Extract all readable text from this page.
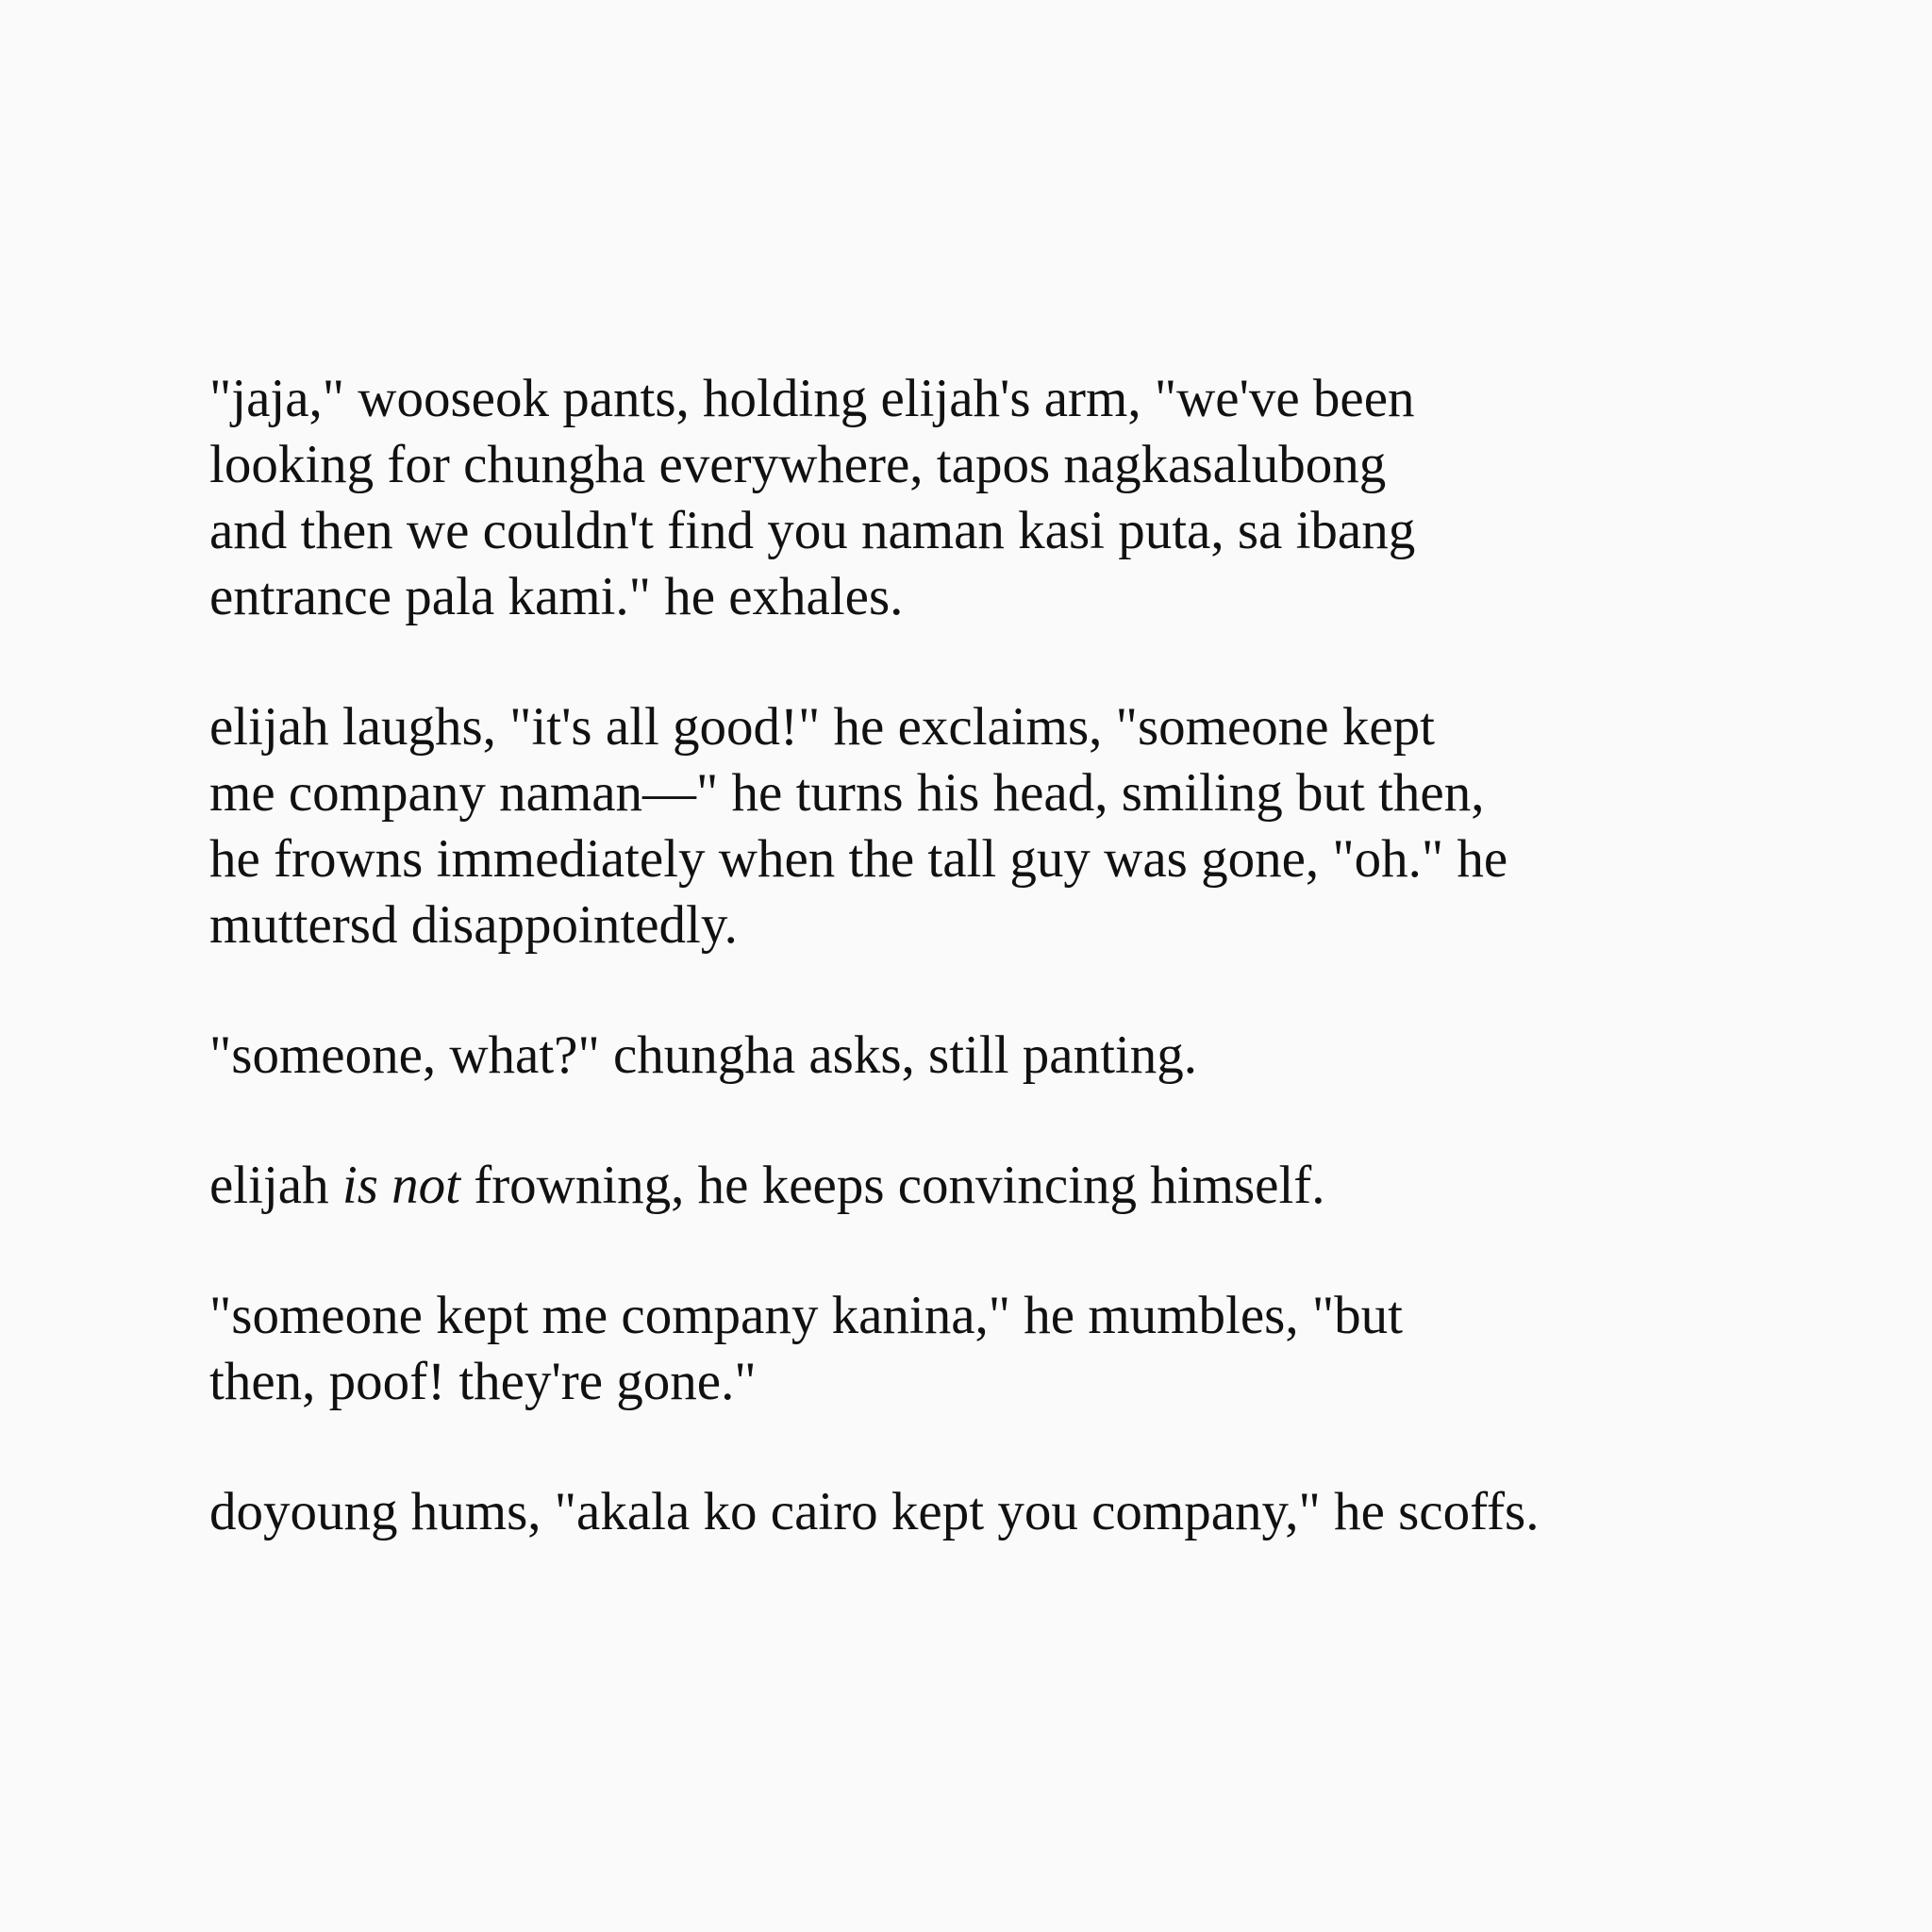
"jaja," wooseok pants, holding elijah's arm, "we've been
looking for chungha everywhere, tapos nagkasalubong
and then we couldn't find you naman kasi puta, sa ibang
entrance pala kami." he exhales.
elijah laughs, "it's all good!" he exclaims, "someone kept
me company naman—" he turns his head, smiling but then,
he frowns immediately when the tall guy was gone, "oh." he
muttersd disappointedly.
"someone, what?" chungha asks, still panting.
elijah is not frowning, he keeps convincing himself.
"someone kept me company kanina," he mumbles, "but
then, poof! they're gone."
doyoung hums, "akala ko cairo kept you company," he scoffs.
